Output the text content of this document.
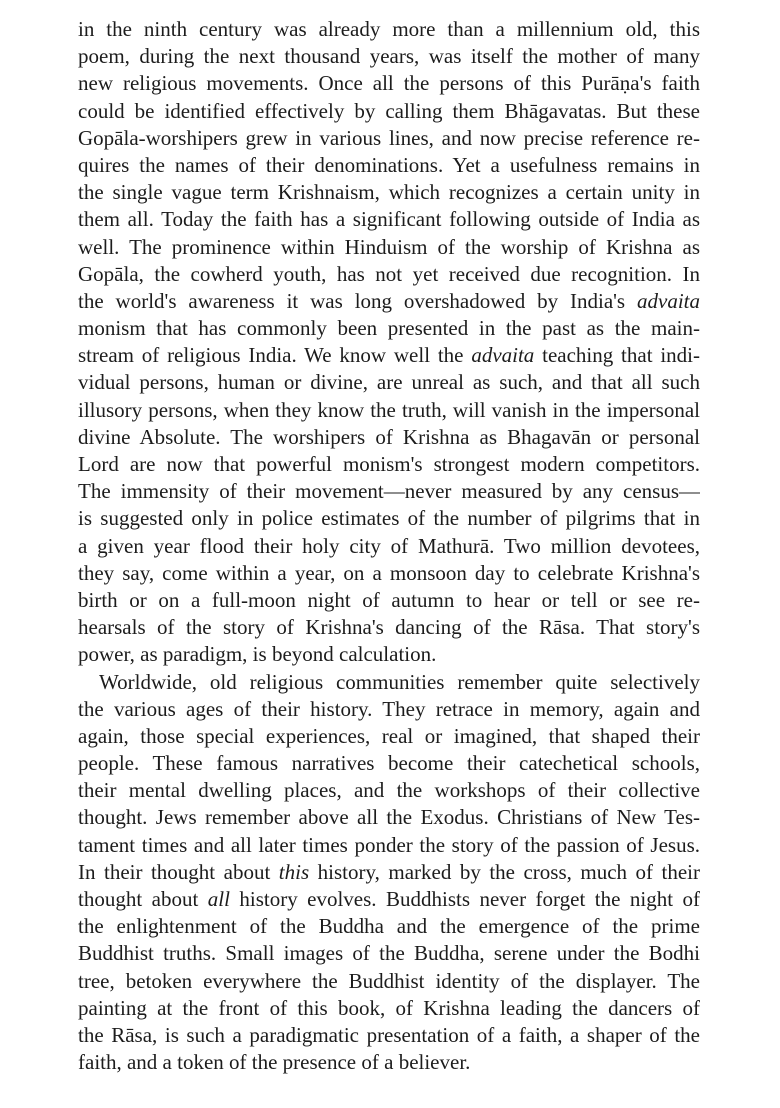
in the ninth century was already more than a millennium old, this
poem, during the next thousand years, was itself the mother of many
new religious movements. Once all the persons of this Purāṇa's faith
could be identified effectively by calling them Bhāgavatas. But these
Gopāla-worshipers grew in various lines, and now precise reference re-
quires the names of their denominations. Yet a usefulness remains in
the single vague term Krishnaism, which recognizes a certain unity in
them all. Today the faith has a significant following outside of India as
well. The prominence within Hinduism of the worship of Krishna as
Gopāla, the cowherd youth, has not yet received due recognition. In
the world's awareness it was long overshadowed by India's advaita
monism that has commonly been presented in the past as the main-
stream of religious India. We know well the advaita teaching that indi-
vidual persons, human or divine, are unreal as such, and that all such
illusory persons, when they know the truth, will vanish in the impersonal
divine Absolute. The worshipers of Krishna as Bhagavān or personal
Lord are now that powerful monism's strongest modern competitors.
The immensity of their movement—never measured by any census—
is suggested only in police estimates of the number of pilgrims that in
a given year flood their holy city of Mathurā. Two million devotees,
they say, come within a year, on a monsoon day to celebrate Krishna's
birth or on a full-moon night of autumn to hear or tell or see re-
hearsals of the story of Krishna's dancing of the Rāsa. That story's
power, as paradigm, is beyond calculation.
Worldwide, old religious communities remember quite selectively
the various ages of their history. They retrace in memory, again and
again, those special experiences, real or imagined, that shaped their
people. These famous narratives become their catechetical schools,
their mental dwelling places, and the workshops of their collective
thought. Jews remember above all the Exodus. Christians of New Tes-
tament times and all later times ponder the story of the passion of Jesus.
In their thought about this history, marked by the cross, much of their
thought about all history evolves. Buddhists never forget the night of
the enlightenment of the Buddha and the emergence of the prime
Buddhist truths. Small images of the Buddha, serene under the Bodhi
tree, betoken everywhere the Buddhist identity of the displayer. The
painting at the front of this book, of Krishna leading the dancers of
the Rāsa, is such a paradigmatic presentation of a faith, a shaper of the
faith, and a token of the presence of a believer.
